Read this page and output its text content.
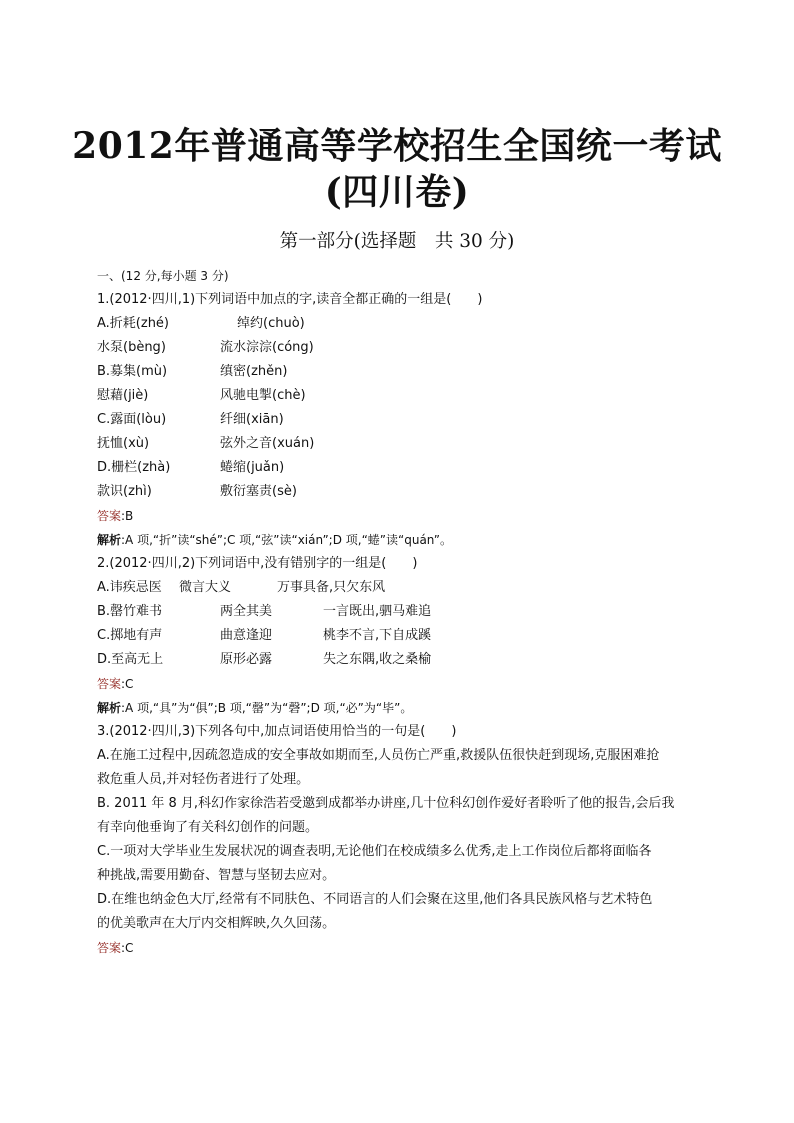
2012年普通高等学校招生全国统一考试
(四川卷)
第一部分(选择题　共 30 分)
一、(12 分,每小题 3 分)
1.(2012·四川,1)下列词语中加点的字,读音全都正确的一组是(　　)
A.折耗(zhé)	绰约(chuò)
水泵(bèng)	流水淙淙(cóng)
B.募集(mù)	缜密(zhěn)
慰藉(jiè)	风驰电掣(chè)
C.露面(lòu)	纤细(xiān)
抚恤(xù)	弦外之音(xuán)
D.栅栏(zhà)	蜷缩(juǎn)
款识(zhì)	敷衍塞责(sè)
答案:B
解析:A 项,“折”读“shé”;C 项,“弦”读“xián”;D 项,“蜷”读“quán”。
2.(2012·四川,2)下列词语中,没有错别字的一组是(　　)
A.讳疾忌医 微言大义	万事具备,只欠东风
B.罄竹难书	两全其美	一言既出,驷马难追
C.掷地有声	曲意逢迎	桃李不言,下自成蹊
D.至高无上	原形必露	失之东隅,收之桑榆
答案:C
解析:A 项,“具”为“俱”;B 项,“罄”为“磬”;D 项,“必”为“毕”。
3.(2012·四川,3)下列各句中,加点词语使用恰当的一句是(　　)
A.在施工过程中,因疏忽造成的安全事故如期而至,人员伤亡严重,救援队伍很快赶到现场,克服困难抢
救危重人员,并对轻伤者进行了处理。
B. 2011 年 8 月,科幻作家徐浩若受邀到成都举办讲座,几十位科幻创作爱好者聆听了他的报告,会后我
有幸向他垂询了有关科幻创作的问题。
C.一项对大学毕业生发展状况的调查表明,无论他们在校成绩多么优秀,走上工作岗位后都将面临各
种挑战,需要用勤奋、智慧与坚韧去应对。
D.在维也纳金色大厅,经常有不同肤色、不同语言的人们会聚在这里,他们各具民族风格与艺术特色
的优美歌声在大厅内交相辉映,久久回荡。
答案:C
